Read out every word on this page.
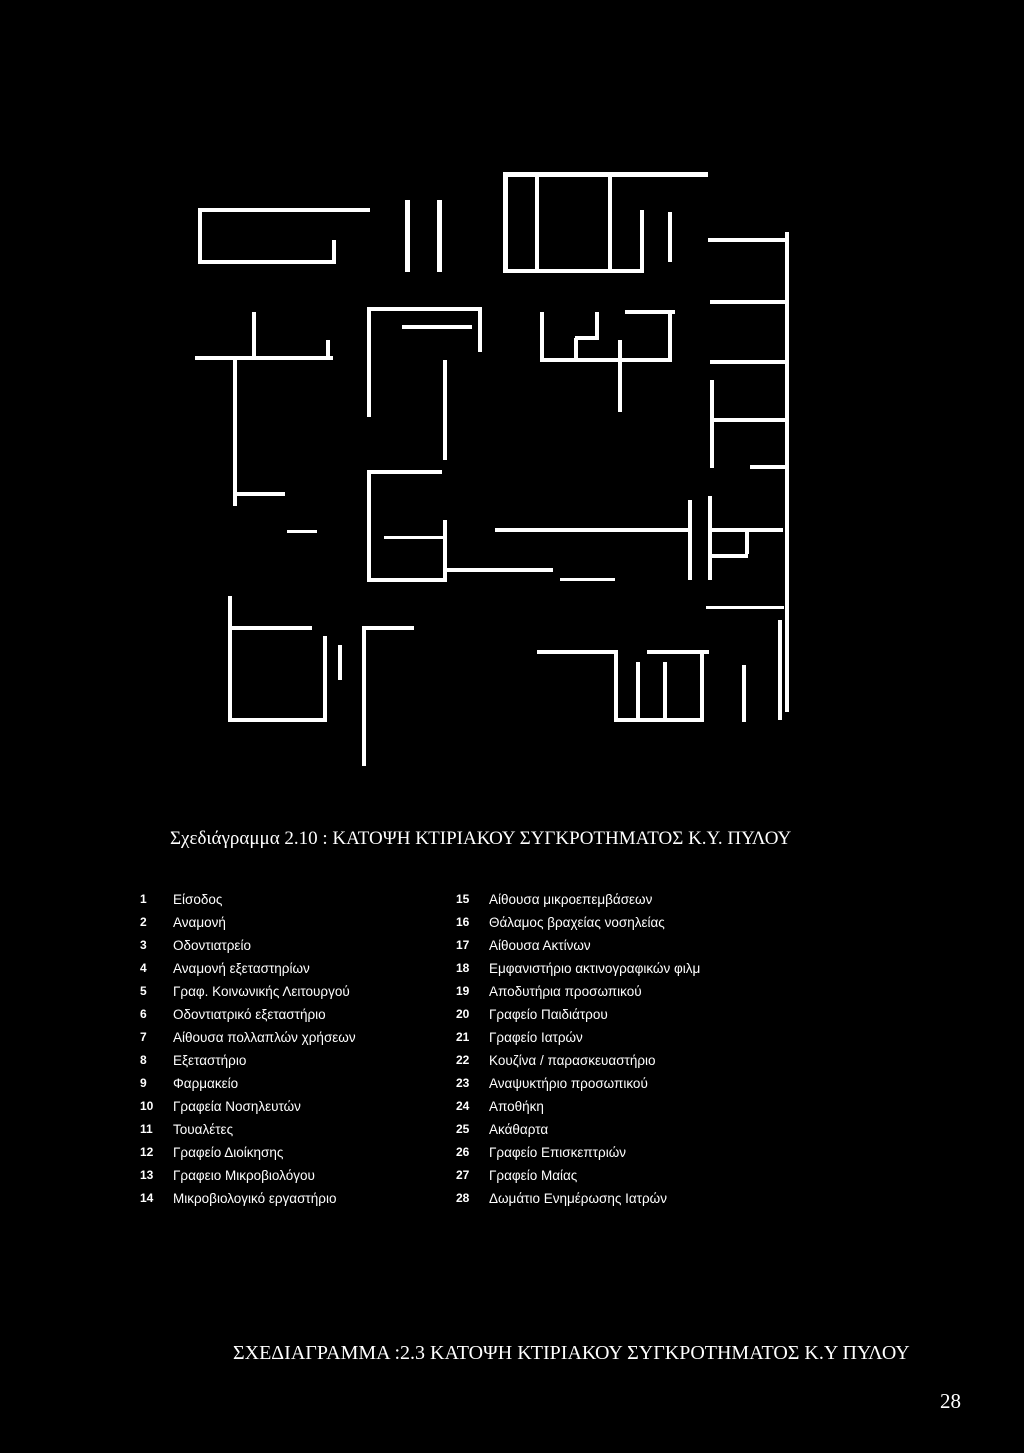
Σχεδιάγραμμα 2.10 : ΚΑΤΟΨΗ ΚΤΙΡΙΑΚΟΥ ΣΥΓΚΡΟΤΗΜΑΤΟΣ Κ.Υ. ΠΥΛΟΥ
1	Είσοδος
2	Αναμονή
3	Οδοντιατρείο
4	Αναμονή εξεταστηρίων
5	Γραφ. Κοινωνικής Λειτουργού
6	Οδοντιατρικό εξεταστήριο
7	Αίθουσα πολλαπλών χρήσεων
8	Εξεταστήριο
9	Φαρμακείο
10	Γραφεία Νοσηλευτών
11	Τουαλέτες
12	Γραφείο Διοίκησης
13	Γραφειο Μικροβιολόγου
14	Μικροβιολογικό εργαστήριο
15	Αίθουσα μικροεπεμβάσεων
16	Θάλαμος βραχείας νοσηλείας
17	Αίθουσα Ακτίνων
18	Εμφανιστήριο ακτινογραφικών φιλμ
19	Αποδυτήρια προσωπικού
20	Γραφείο Παιδιάτρου
21	Γραφείο Ιατρών
22	Κουζίνα / παρασκευαστήριο
23	Αναψυκτήριο προσωπικού
24	Αποθήκη
25	Ακάθαρτα
26	Γραφείο Επισκεπτριών
27	Γραφείο Μαίας
28	Δωμάτιο Ενημέρωσης Ιατρών
ΣΧΕΔΙΑΓΡΑΜΜΑ :2.3 ΚΑΤΟΨΗ ΚΤΙΡΙΑΚΟΥ ΣΥΓΚΡΟΤΗΜΑΤΟΣ Κ.Υ ΠΥΛΟΥ
28
